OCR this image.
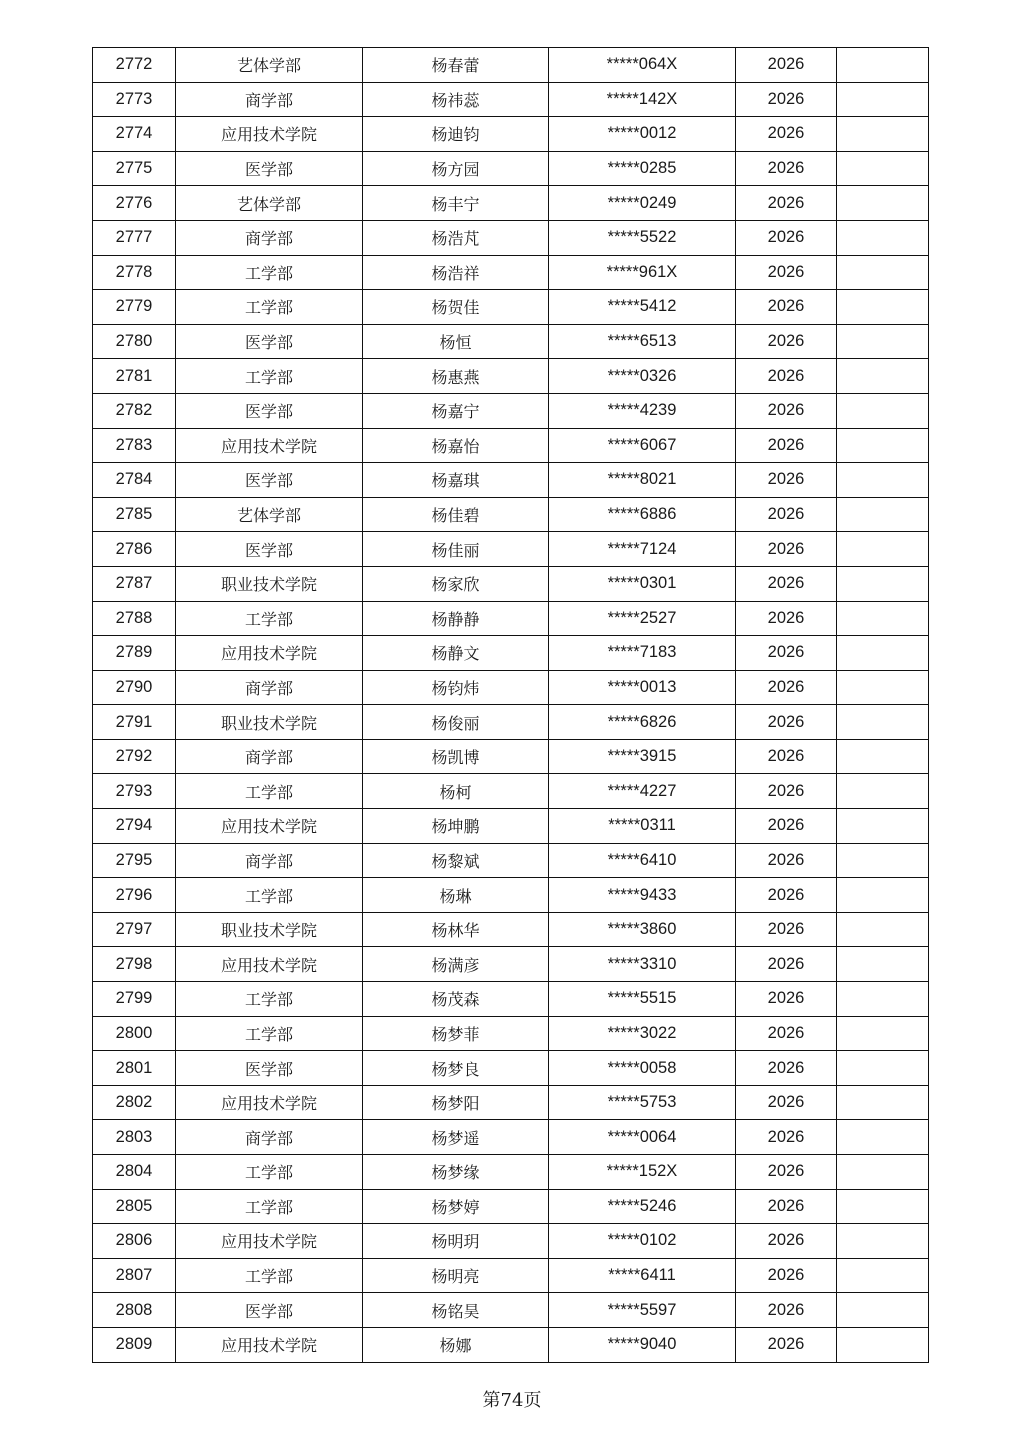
2772	艺体学部	杨春蕾	*****064X	2026	
2773	商学部	杨祎蕊	*****142X	2026	
2774	应用技术学院	杨迪钧	*****0012	2026	
2775	医学部	杨方园	*****0285	2026	
2776	艺体学部	杨丰宁	*****0249	2026	
2777	商学部	杨浩芃	*****5522	2026	
2778	工学部	杨浩祥	*****961X	2026	
2779	工学部	杨贺佳	*****5412	2026	
2780	医学部	杨恒	*****6513	2026	
2781	工学部	杨惠燕	*****0326	2026	
2782	医学部	杨嘉宁	*****4239	2026	
2783	应用技术学院	杨嘉怡	*****6067	2026	
2784	医学部	杨嘉琪	*****8021	2026	
2785	艺体学部	杨佳碧	*****6886	2026	
2786	医学部	杨佳丽	*****7124	2026	
2787	职业技术学院	杨家欣	*****0301	2026	
2788	工学部	杨静静	*****2527	2026	
2789	应用技术学院	杨静文	*****7183	2026	
2790	商学部	杨钧炜	*****0013	2026	
2791	职业技术学院	杨俊丽	*****6826	2026	
2792	商学部	杨凯博	*****3915	2026	
2793	工学部	杨柯	*****4227	2026	
2794	应用技术学院	杨坤鹏	*****0311	2026	
2795	商学部	杨黎斌	*****6410	2026	
2796	工学部	杨琳	*****9433	2026	
2797	职业技术学院	杨林华	*****3860	2026	
2798	应用技术学院	杨满彦	*****3310	2026	
2799	工学部	杨茂森	*****5515	2026	
2800	工学部	杨梦菲	*****3022	2026	
2801	医学部	杨梦良	*****0058	2026	
2802	应用技术学院	杨梦阳	*****5753	2026	
2803	商学部	杨梦遥	*****0064	2026	
2804	工学部	杨梦缘	*****152X	2026	
2805	工学部	杨梦婷	*****5246	2026	
2806	应用技术学院	杨明玥	*****0102	2026	
2807	工学部	杨明亮	*****6411	2026	
2808	医学部	杨铭昊	*****5597	2026	
2809	应用技术学院	杨娜	*****9040	2026	
第74页
